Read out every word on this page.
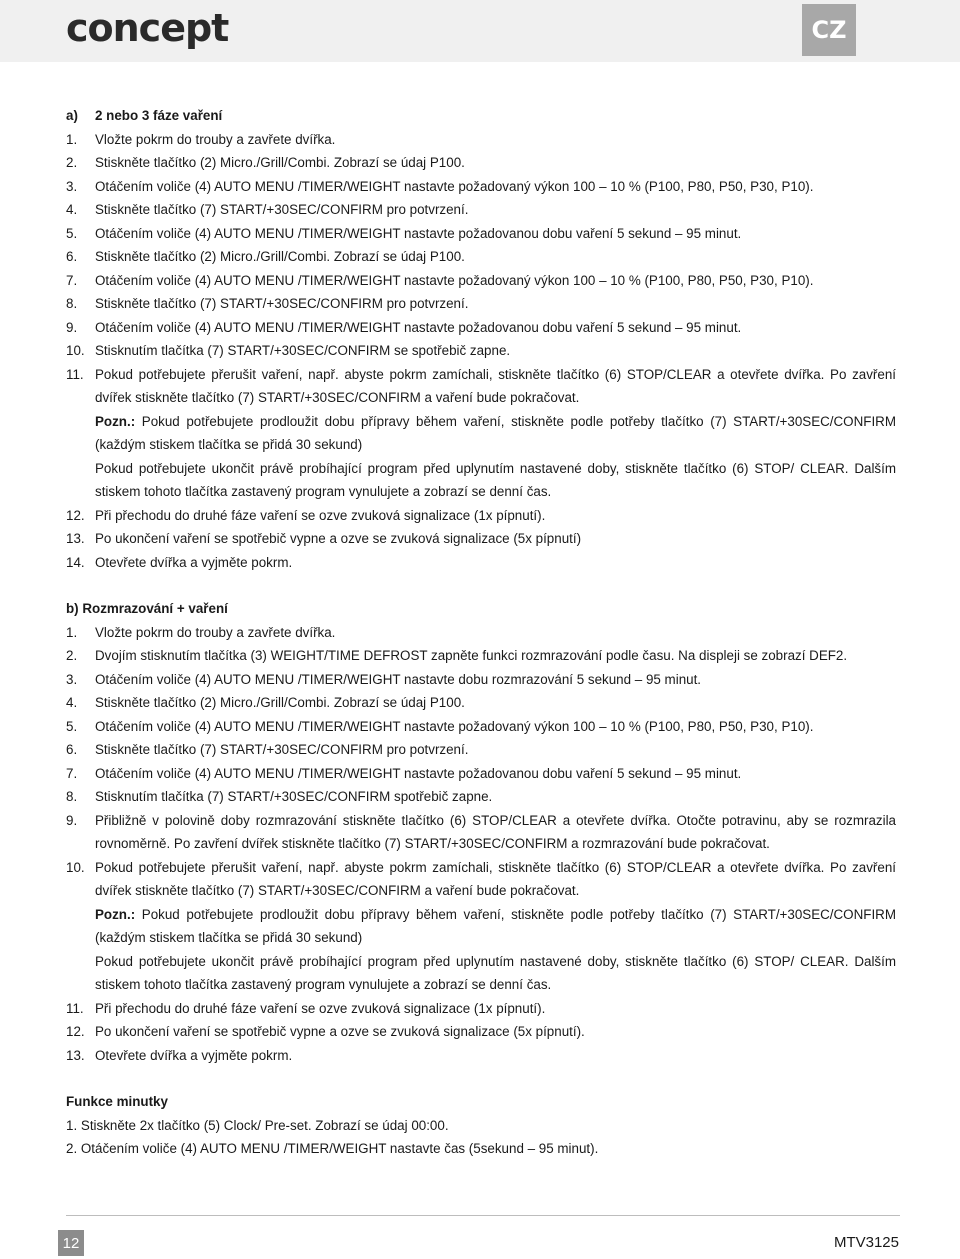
concept	CZ
a) 2 nebo 3 fáze vaření
1. Vložte pokrm do trouby a zavřete dvířka.
2. Stiskněte tlačítko (2) Micro./Grill/Combi. Zobrazí se údaj P100.
3. Otáčením voliče (4) AUTO MENU /TIMER/WEIGHT nastavte požadovaný výkon 100 – 10 % (P100, P80, P50, P30, P10).
4. Stiskněte tlačítko (7) START/+30SEC/CONFIRM pro potvrzení.
5. Otáčením voliče (4) AUTO MENU /TIMER/WEIGHT nastavte požadovanou dobu vaření 5 sekund – 95 minut.
6. Stiskněte tlačítko (2) Micro./Grill/Combi. Zobrazí se údaj P100.
7. Otáčením voliče (4) AUTO MENU /TIMER/WEIGHT nastavte požadovaný výkon 100 – 10 % (P100, P80, P50, P30, P10).
8. Stiskněte tlačítko (7) START/+30SEC/CONFIRM pro potvrzení.
9. Otáčením voliče (4) AUTO MENU /TIMER/WEIGHT nastavte požadovanou dobu vaření 5 sekund – 95 minut.
10. Stisknutím tlačítka (7) START/+30SEC/CONFIRM se spotřebič zapne.
11. Pokud potřebujete přerušit vaření, např. abyste pokrm zamíchali, stiskněte tlačítko (6) STOP/CLEAR a otevřete dvířka. Po zavření dvířek stiskněte tlačítko (7) START/+30SEC/CONFIRM a vaření bude pokračovat.
Pozn.: Pokud potřebujete prodloužit dobu přípravy během vaření, stiskněte podle potřeby tlačítko (7) START/+30SEC/CONFIRM (každým stiskem tlačítka se přidá 30 sekund)
Pokud potřebujete ukončit právě probíhající program před uplynutím nastavené doby, stiskněte tlačítko (6) STOP/ CLEAR. Dalším stiskem tohoto tlačítka zastavený program vynulujete a zobrazí se denní čas.
12. Při přechodu do druhé fáze vaření se ozve zvuková signalizace (1x pípnutí).
13. Po ukončení vaření se spotřebič vypne a ozve se zvuková signalizace (5x pípnutí)
14. Otevřete dvířka a vyjměte pokrm.
b) Rozmrazování + vaření
1. Vložte pokrm do trouby a zavřete dvířka.
2. Dvojím stisknutím tlačítka (3) WEIGHT/TIME DEFROST zapněte funkci rozmrazování podle času. Na displeji se zobrazí DEF2.
3. Otáčením voliče (4) AUTO MENU /TIMER/WEIGHT nastavte dobu rozmrazování 5 sekund – 95 minut.
4. Stiskněte tlačítko (2) Micro./Grill/Combi. Zobrazí se údaj P100.
5. Otáčením voliče (4) AUTO MENU /TIMER/WEIGHT nastavte požadovaný výkon 100 – 10 % (P100, P80, P50, P30, P10).
6. Stiskněte tlačítko (7) START/+30SEC/CONFIRM pro potvrzení.
7. Otáčením voliče (4) AUTO MENU /TIMER/WEIGHT nastavte požadovanou dobu vaření 5 sekund – 95 minut.
8. Stisknutím tlačítka (7) START/+30SEC/CONFIRM spotřebič zapne.
9. Přibližně v polovině doby rozmrazování stiskněte tlačítko (6) STOP/CLEAR a otevřete dvířka. Otočte potravinu, aby se rozmrazila rovnoměrně. Po zavření dvířek stiskněte tlačítko (7) START/+30SEC/CONFIRM a rozmrazování bude pokračovat.
10. Pokud potřebujete přerušit vaření, např. abyste pokrm zamíchali, stiskněte tlačítko (6) STOP/CLEAR a otevřete dvířka. Po zavření dvířek stiskněte tlačítko (7) START/+30SEC/CONFIRM a vaření bude pokračovat.
Pozn.: Pokud potřebujete prodloužit dobu přípravy během vaření, stiskněte podle potřeby tlačítko (7) START/+30SEC/CONFIRM (každým stiskem tlačítka se přidá 30 sekund)
Pokud potřebujete ukončit právě probíhající program před uplynutím nastavené doby, stiskněte tlačítko (6) STOP/ CLEAR. Dalším stiskem tohoto tlačítka zastavený program vynulujete a zobrazí se denní čas.
11. Při přechodu do druhé fáze vaření se ozve zvuková signalizace (1x pípnutí).
12. Po ukončení vaření se spotřebič vypne a ozve se zvuková signalizace (5x pípnutí).
13. Otevřete dvířka a vyjměte pokrm.
Funkce minutky
1. Stiskněte 2x tlačítko (5) Clock/ Pre-set. Zobrazí se údaj 00:00.
2. Otáčením voliče (4) AUTO MENU /TIMER/WEIGHT nastavte čas (5sekund – 95 minut).
12	MTV3125
